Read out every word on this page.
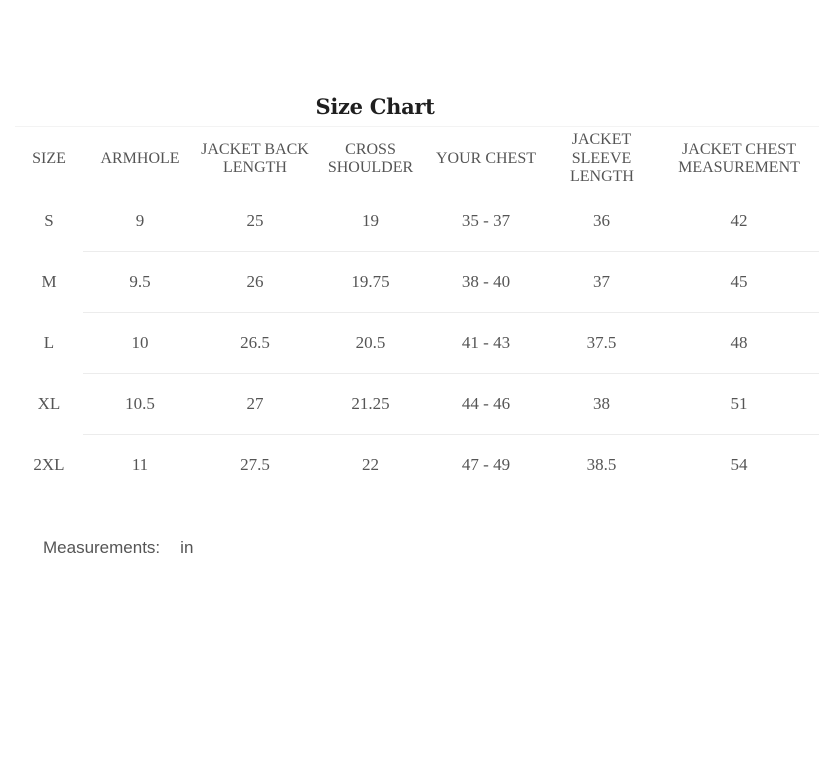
Size Chart
SIZE	ARMHOLE	JACKET BACK LENGTH	CROSS SHOULDER	YOUR CHEST	JACKET SLEEVE LENGTH	JACKET CHEST MEASUREMENT
S	9	25	19	35 - 37	36	42
M	9.5	26	19.75	38 - 40	37	45
L	10	26.5	20.5	41 - 43	37.5	48
XL	10.5	27	21.25	44 - 46	38	51
2XL	11	27.5	22	47 - 49	38.5	54
Measurements: in
